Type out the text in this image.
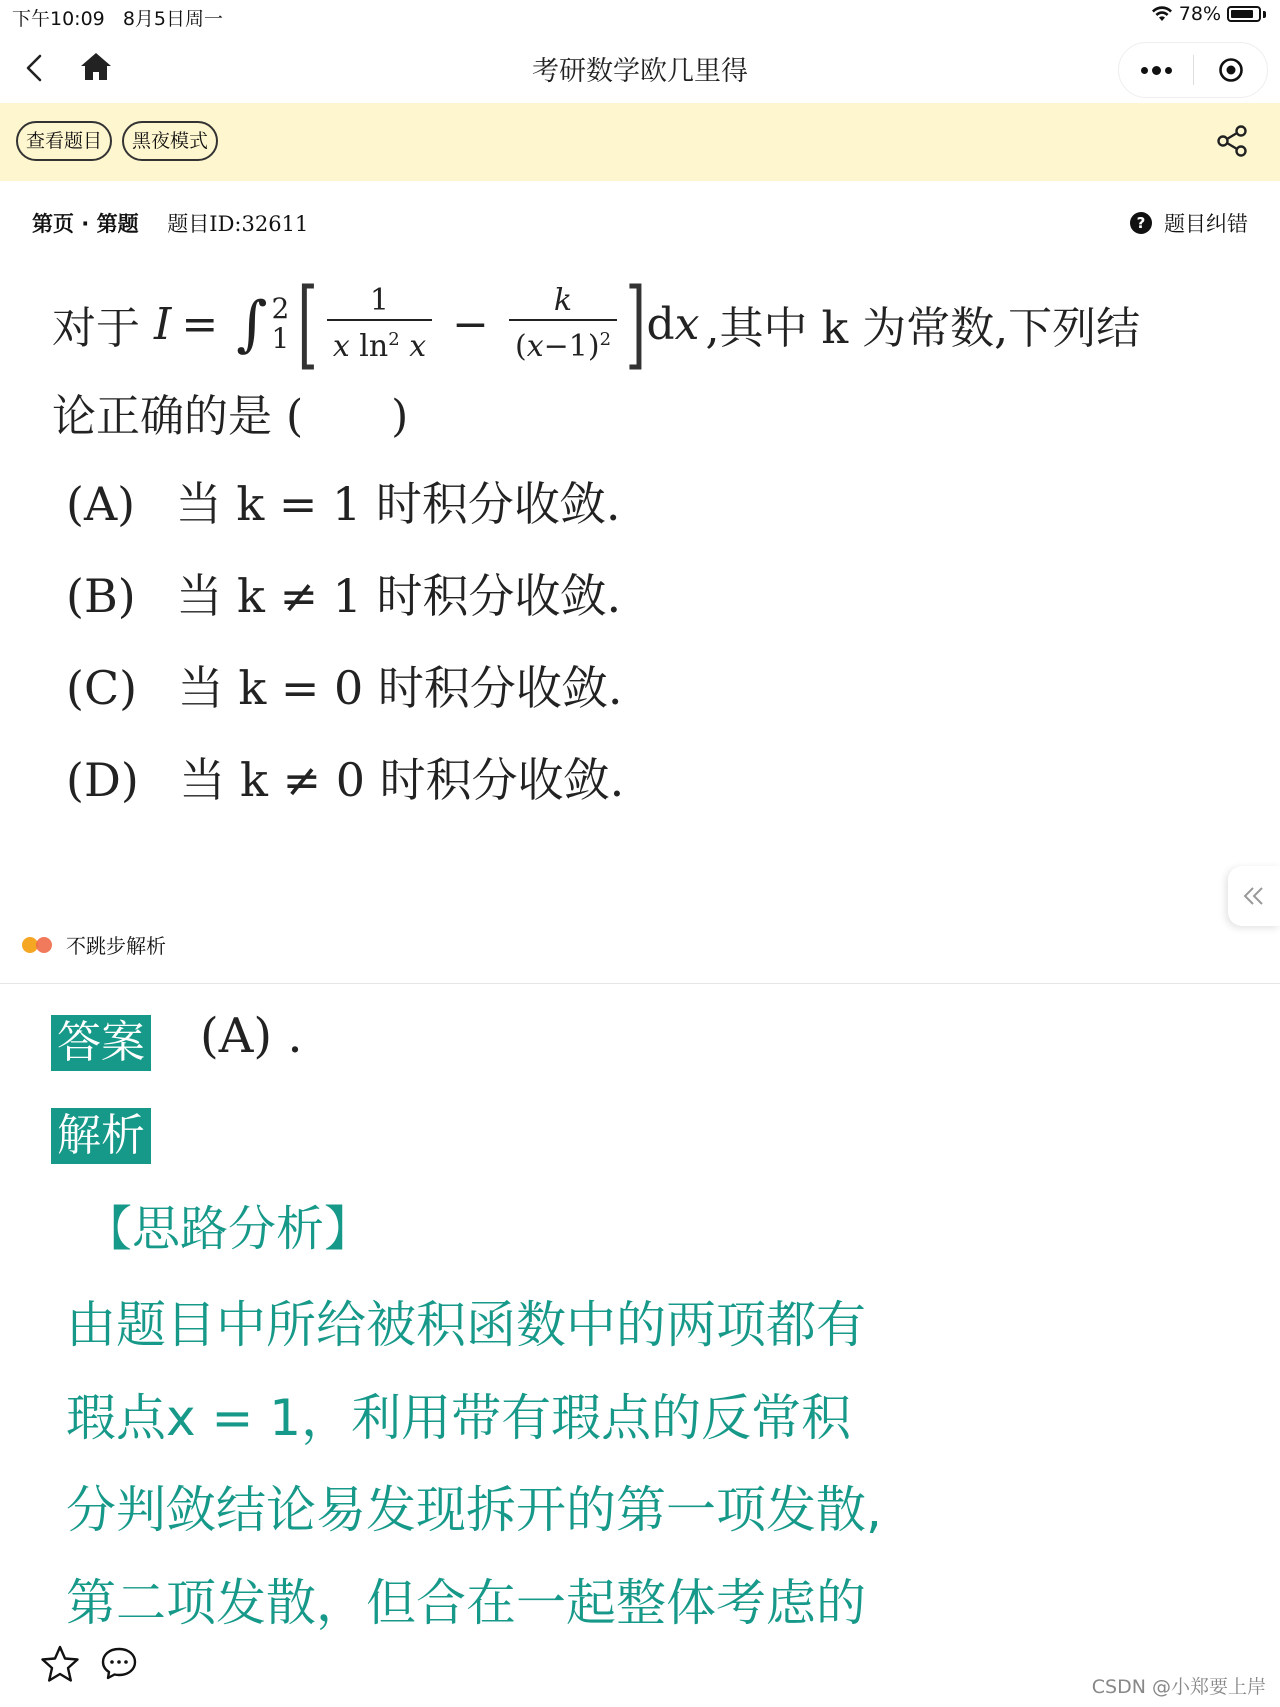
下午10:09 8月5日周一	78%
考研数学欧几里得
查看题目	黑夜模式
第页 · 第题 题目ID:32611	? 题目纠错
对于 I = ∫ 2
1 [ $\frac{1}{x \ln^2 x} - \frac{k}{(x-1)^2}$ ] dx ,其中 k 为常数,下列结
论正确的是 (　　)
(A) 当 k = 1 时积分收敛.
(B) 当 k ≠ 1 时积分收敛.
(C) 当 k = 0 时积分收敛.
(D) 当 k ≠ 0 时积分收敛.
不跳步解析
答案 (A) .
解析
【思路分析】
由题目中所给被积函数中的两项都有
瑕点x = 1，利用带有瑕点的反常积
分判敛结论易发现拆开的第一项发散,
第二项发散，但合在一起整体考虑的
CSDN @小郑要上岸
